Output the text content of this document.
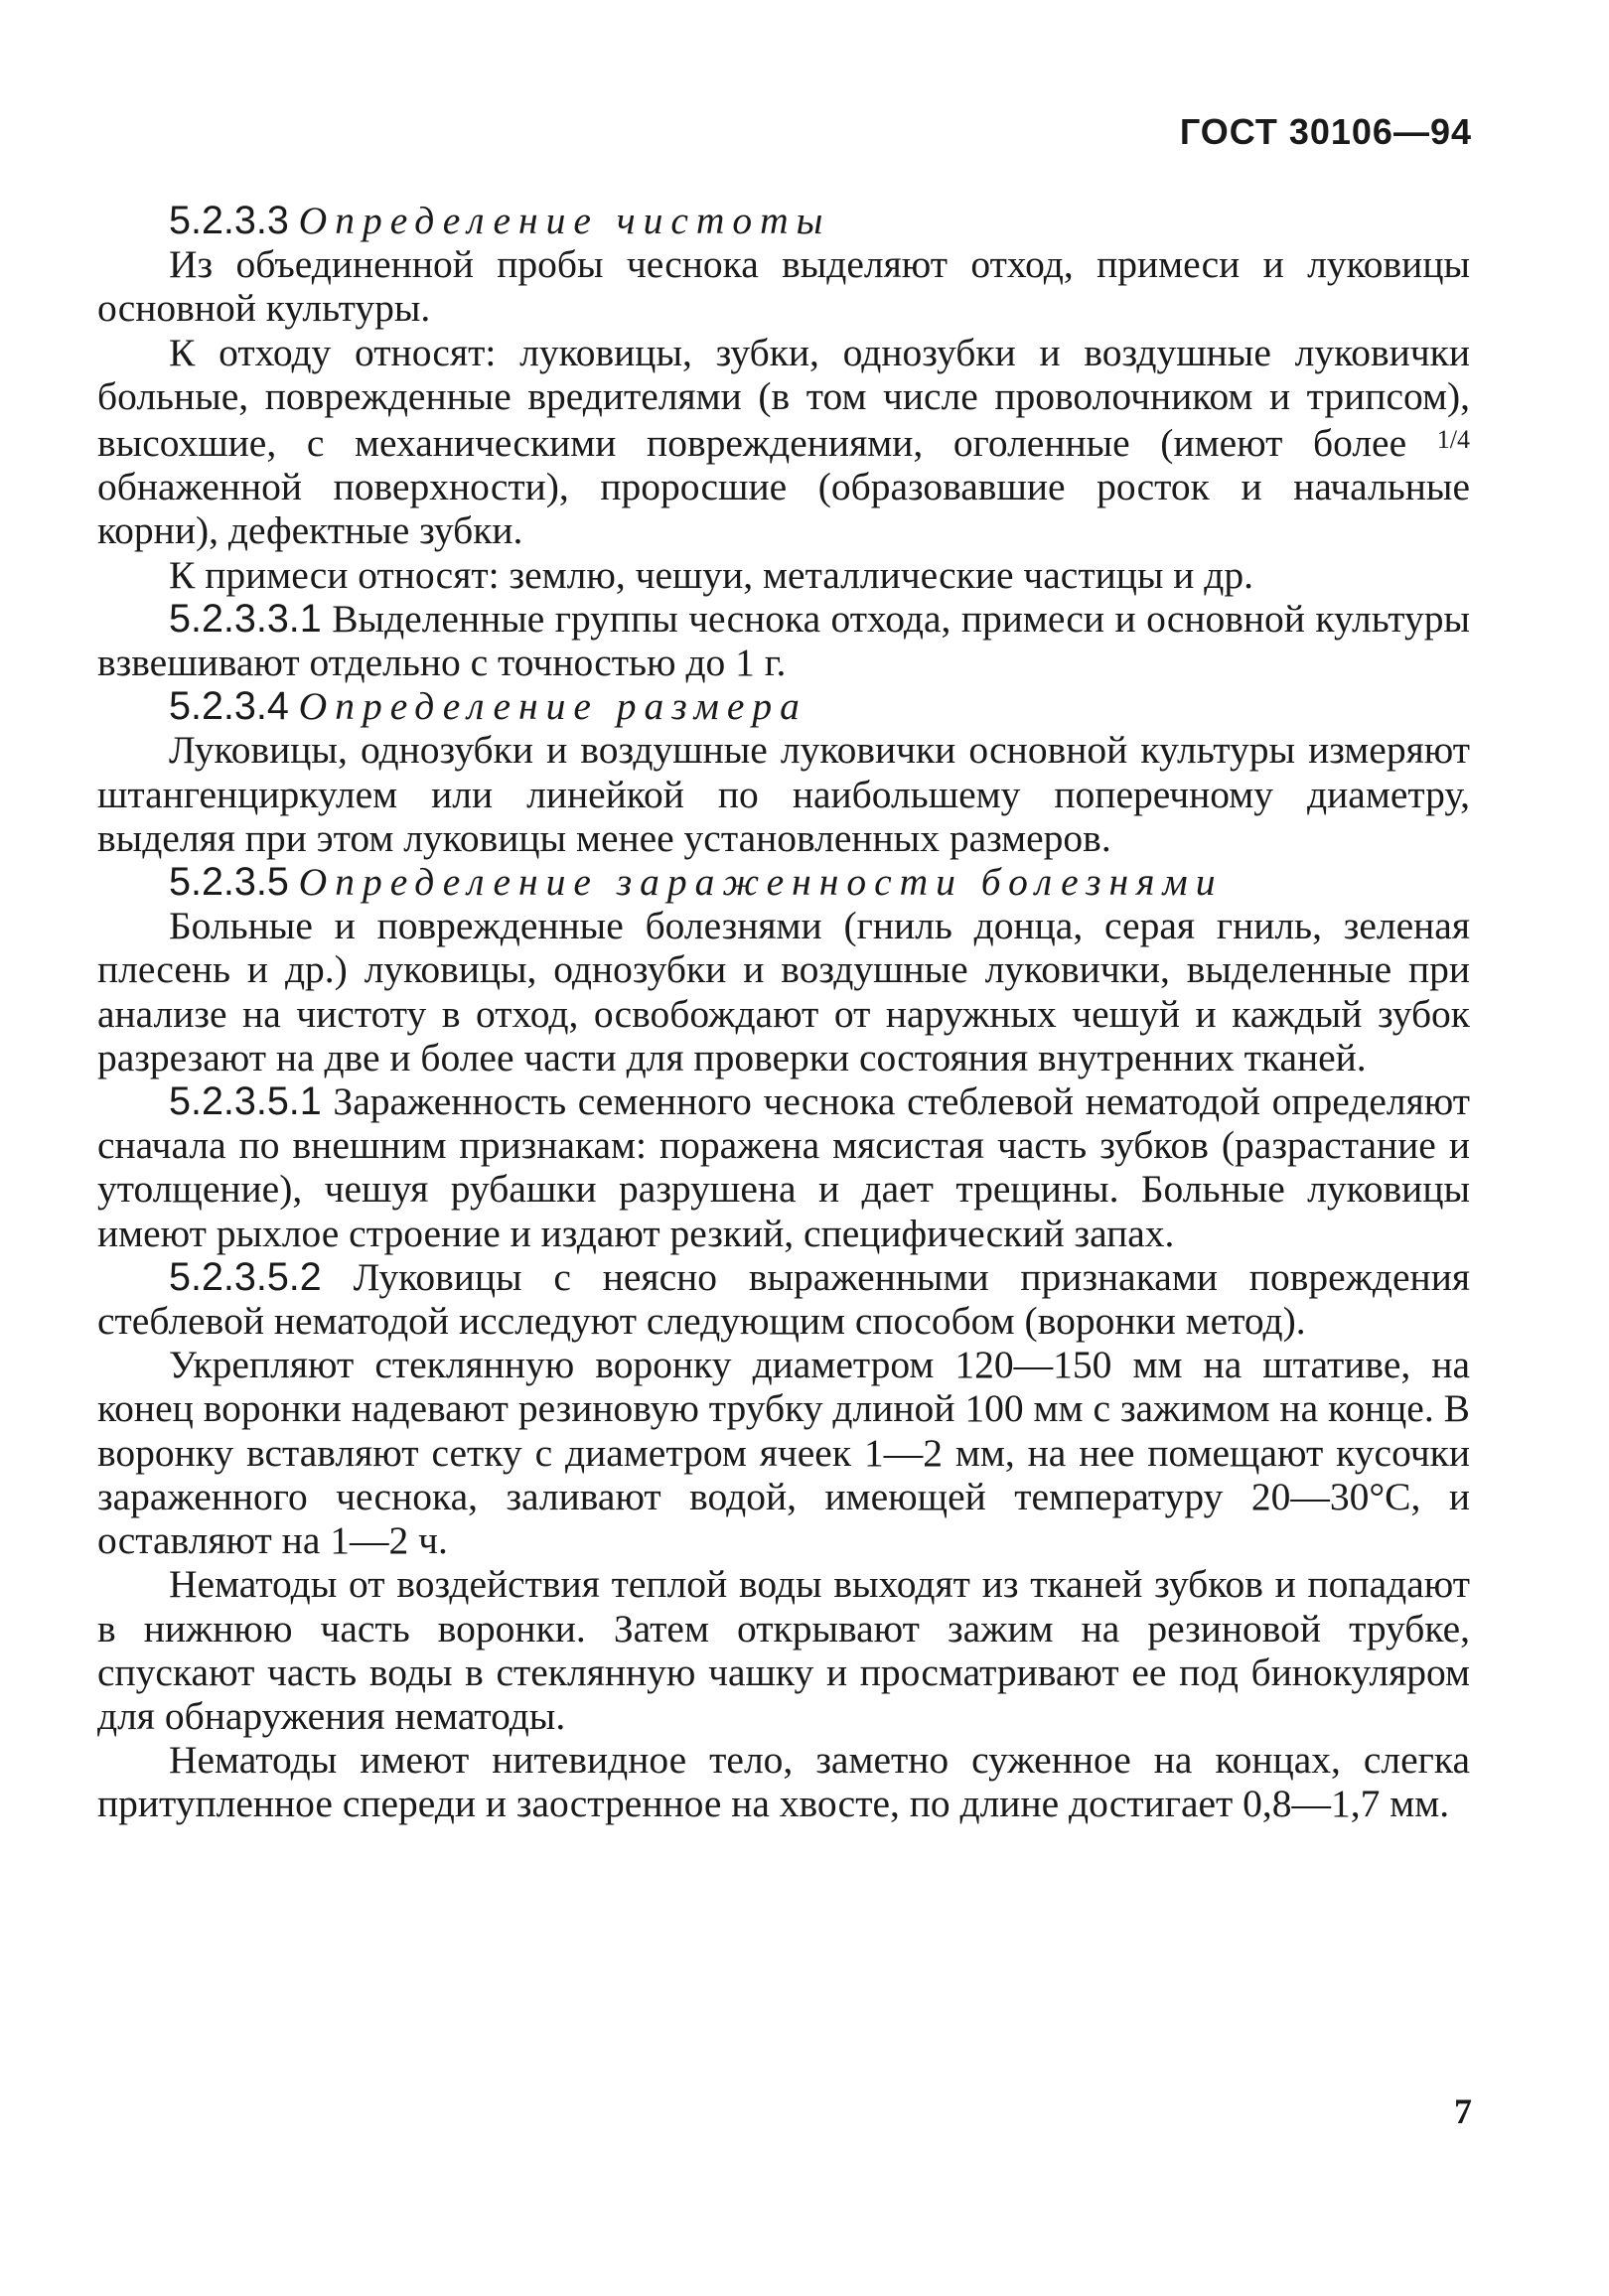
ГОСТ 30106—94

5.2.3.3 Определение чистоты

Из объединенной пробы чеснока выделяют отход, примеси и луковицы основной культуры.

К отходу относят: луковицы, зубки, однозубки и воздушные луковички больные, поврежденные вредителями (в том числе проволочником и трипсом), высохшие, с механическими повреждениями, оголенные (имеют более $^{1/4}$ обнаженной поверхности), проросшие (образовавшие росток и начальные корни), дефектные зубки.

К примеси относят: землю, чешуи, металлические частицы и др.

5.2.3.3.1 Выделенные группы чеснока отхода, примеси и основной культуры взвешивают отдельно с точностью до 1 г.

5.2.3.4 Определение размера

Луковицы, однозубки и воздушные луковички основной культуры измеряют штангенциркулем или линейкой по наибольшему поперечному диаметру, выделяя при этом луковицы менее установленных размеров.

5.2.3.5 Определение зараженности болезнями

Больные и поврежденные болезнями (гниль донца, серая гниль, зеленая плесень и др.) луковицы, однозубки и воздушные луковички, выделенные при анализе на чистоту в отход, освобождают от наружных чешуй и каждый зубок разрезают на две и более части для проверки состояния внутренних тканей.

5.2.3.5.1 Зараженность семенного чеснока стеблевой нематодой определяют сначала по внешним признакам: поражена мясистая часть зубков (разрастание и утолщение), чешуя рубашки разрушена и дает трещины. Больные луковицы имеют рыхлое строение и издают резкий, специфический запах.

5.2.3.5.2 Луковицы с неясно выраженными признаками повреждения стеблевой нематодой исследуют следующим способом (воронки метод).

Укрепляют стеклянную воронку диаметром 120—150 мм на штативе, на конец воронки надевают резиновую трубку длиной 100 мм с зажимом на конце. В воронку вставляют сетку с диаметром ячеек 1—2 мм, на нее помещают кусочки зараженного чеснока, заливают водой, имеющей температуру 20—30°С, и оставляют на 1—2 ч.

Нематоды от воздействия теплой воды выходят из тканей зубков и попадают в нижнюю часть воронки. Затем открывают зажим на резиновой трубке, спускают часть воды в стеклянную чашку и просматривают ее под бинокуляром для обнаружения нематоды.

Нематоды имеют нитевидное тело, заметно суженное на концах, слегка притупленное спереди и заостренное на хвосте, по длине достигает 0,8—1,7 мм.

7
